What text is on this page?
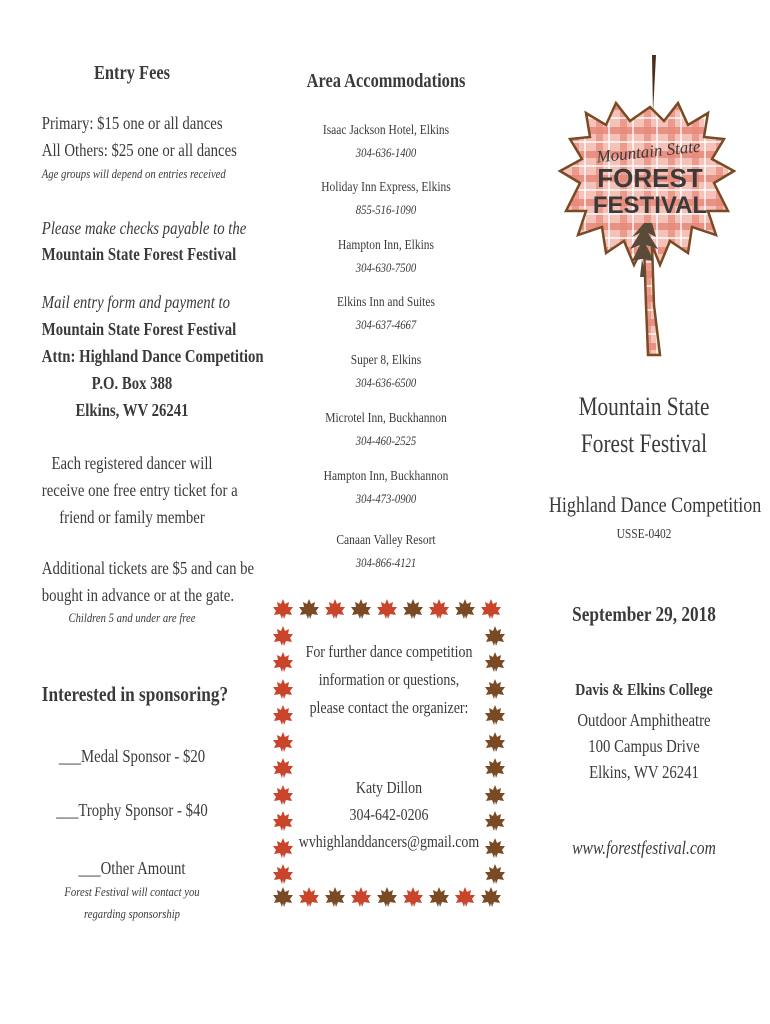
Entry Fees
Primary: $15 one or all dances
All Others: $25 one or all dances
Age groups will depend on entries received
Please make checks payable to the
Mountain State Forest Festival
Mail entry form and payment to
Mountain State Forest Festival
Attn: Highland Dance Competition
P.O. Box 388
Elkins, WV 26241
Each registered dancer will
receive one free entry ticket for a
friend or family member
Additional tickets are $5 and can be
bought in advance or at the gate.
Children 5 and under are free
Interested in sponsoring?
___Medal Sponsor - $20
___Trophy Sponsor - $40
___Other Amount
Forest Festival will contact you
regarding sponsorship
Area Accommodations
Isaac Jackson Hotel, Elkins
304-636-1400
Holiday Inn Express, Elkins
855-516-1090
Hampton Inn, Elkins
304-630-7500
Elkins Inn and Suites
304-637-4667
Super 8, Elkins
304-636-6500
Microtel Inn, Buckhannon
304-460-2525
Hampton Inn, Buckhannon
304-473-0900
Canaan Valley Resort
304-866-4121
For further dance competition
information or questions,
please contact the organizer:
Katy Dillon
304-642-0206
wvhighlanddancers@gmail.com
Mountain State
FOREST
FESTIVAL
Mountain State
Forest Festival
Highland Dance Competition
USSE-0402
September 29, 2018
Davis & Elkins College
Outdoor Amphitheatre
100 Campus Drive
Elkins, WV 26241
www.forestfestival.com
